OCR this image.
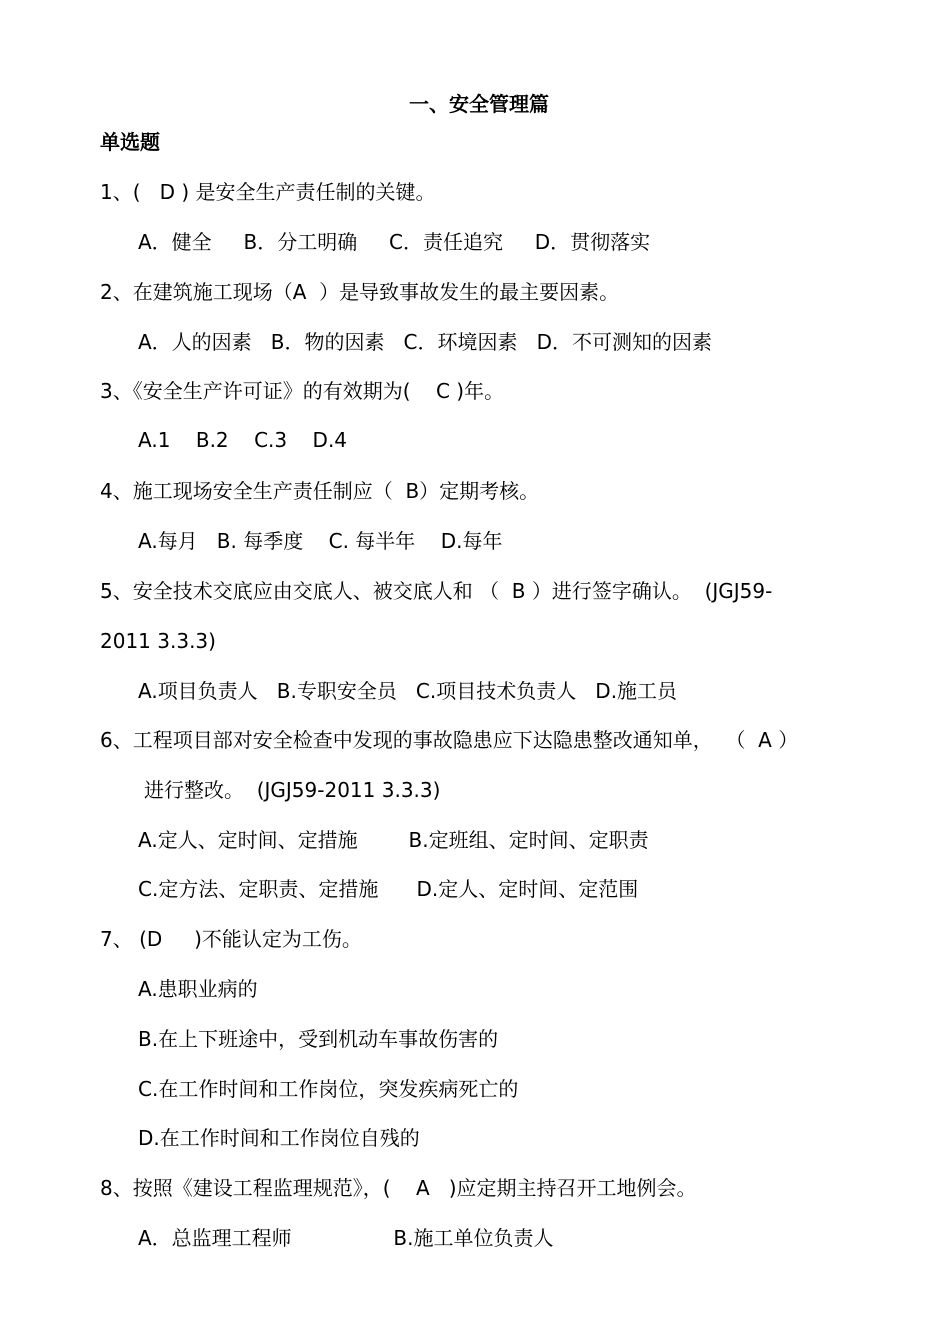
一、安全管理篇
单选题
1、(   D ) 是安全生产责任制的关键。
A．健全     B．分工明确     C．责任追究     D．贯彻落实
2、在建筑施工现场（A  ）是导致事故发生的最主要因素。
A．人的因素   B．物的因素   C．环境因素   D．不可测知的因素
3、《安全生产许可证》的有效期为(    C )年。
A.1    B.2    C.3    D.4
4、施工现场安全生产责任制应（  B）定期考核。
A.每月   B. 每季度    C. 每半年    D.每年
5、安全技术交底应由交底人、被交底人和 （  B ）进行签字确认。  (JGJ59-
2011 3.3.3)
A.项目负责人   B.专职安全员   C.项目技术负责人   D.施工员
6、工程项目部对安全检查中发现的事故隐患应下达隐患整改通知单，  （  A ）
进行整改。  (JGJ59-2011 3.3.3)
A.定人、定时间、定措施        B.定班组、定时间、定职责
C.定方法、定职责、定措施      D.定人、定时间、定范围
7、 (D     )不能认定为工伤。
A.患职业病的
B.在上下班途中，受到机动车事故伤害的
C.在工作时间和工作岗位，突发疾病死亡的
D.在工作时间和工作岗位自残的
8、按照《建设工程监理规范》，(    A   )应定期主持召开工地例会。
A．总监理工程师                B.施工单位负责人
